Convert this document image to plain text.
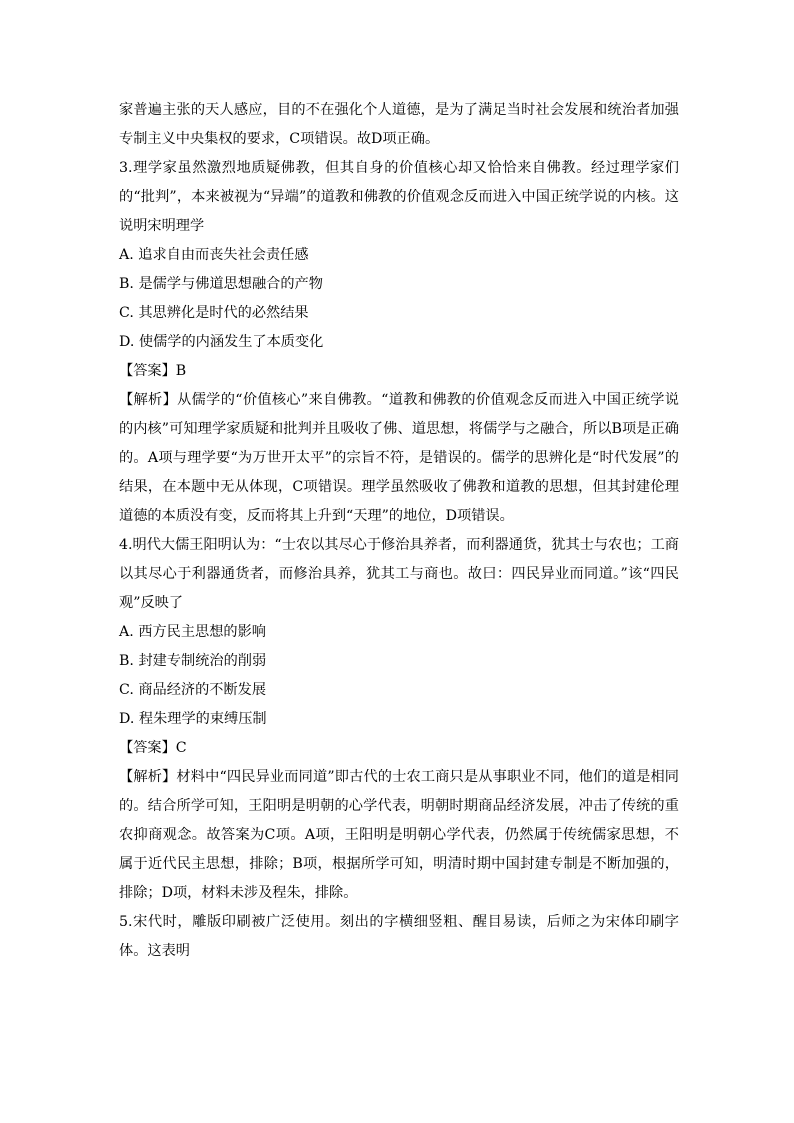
家普遍主张的天人感应，目的不在强化个人道德，是为了满足当时社会发展和统治者加强专制主义中央集权的要求，C项错误。故D项正确。

3.理学家虽然激烈地质疑佛教，但其自身的价值核心却又恰恰来自佛教。经过理学家们的“批判”，本来被视为“异端”的道教和佛教的价值观念反而进入中国正统学说的内核。这说明宋明理学

A. 追求自由而丧失社会责任感

B. 是儒学与佛道思想融合的产物

C. 其思辨化是时代的必然结果

D. 使儒学的内涵发生了本质变化

【答案】B

【解析】从儒学的“价值核心”来自佛教。“道教和佛教的价值观念反而进入中国正统学说的内核”可知理学家质疑和批判并且吸收了佛、道思想，将儒学与之融合，所以B项是正确的。A项与理学要“为万世开太平”的宗旨不符，是错误的。儒学的思辨化是“时代发展”的结果，在本题中无从体现，C项错误。理学虽然吸收了佛教和道教的思想，但其封建伦理道德的本质没有变，反而将其上升到“天理”的地位，D项错误。

4.明代大儒王阳明认为：“士农以其尽心于修治具养者，而利器通货，犹其士与农也；工商以其尽心于利器通货者，而修治具养，犹其工与商也。故曰：四民异业而同道。”该“四民观”反映了

A. 西方民主思想的影响

B. 封建专制统治的削弱

C. 商品经济的不断发展

D. 程朱理学的束缚压制

【答案】C

【解析】材料中“四民异业而同道”即古代的士农工商只是从事职业不同，他们的道是相同的。结合所学可知，王阳明是明朝的心学代表，明朝时期商品经济发展，冲击了传统的重农抑商观念。故答案为C项。A项，王阳明是明朝心学代表，仍然属于传统儒家思想，不属于近代民主思想，排除；B项，根据所学可知，明清时期中国封建专制是不断加强的，排除；D项，材料未涉及程朱，排除。

5.宋代时，雕版印刷被广泛使用。刻出的字横细竖粗、醒目易读，后师之为宋体印刷字体。这表明
